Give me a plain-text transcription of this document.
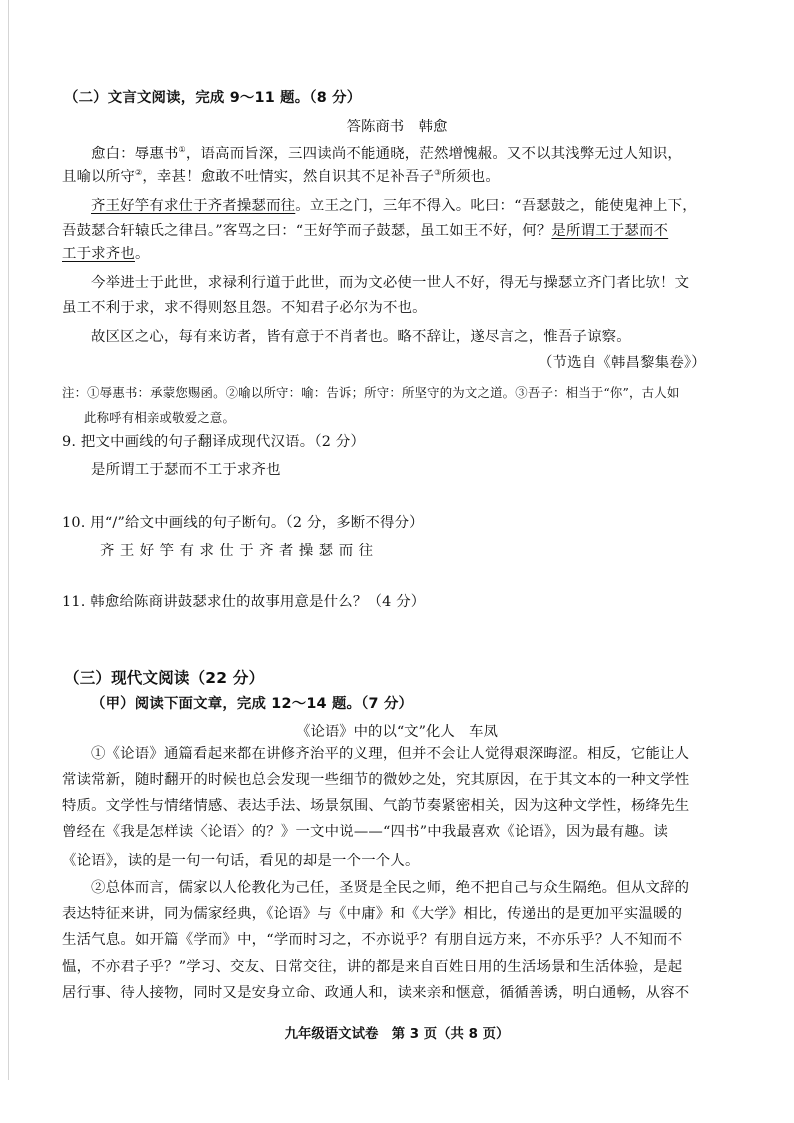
（二）文言文阅读，完成 9～11 题。（8 分）
答陈商书　韩愈
愈白：辱惠书①，语高而旨深，三四读尚不能通晓，茫然增愧赧。又不以其浅弊无过人知识，
且喻以所守②，幸甚！愈敢不吐情实，然自识其不足补吾子③所须也。
齐王好竽有求仕于齐者操瑟而往。立王之门，三年不得入。叱曰：“吾瑟鼓之，能使鬼神上下，
吾鼓瑟合轩辕氏之律吕。”客骂之曰：“王好竽而子鼓瑟，虽工如王不好，何？是所谓工于瑟而不
工于求齐也。
今举进士于此世，求禄利行道于此世，而为文必使一世人不好，得无与操瑟立齐门者比欤！文
虽工不利于求，求不得则怒且怨。不知君子必尔为不也。
故区区之心，每有来访者，皆有意于不肖者也。略不辞让，遂尽言之，惟吾子谅察。
（节选自《韩昌黎集卷》）
注：①辱惠书：承蒙您赐函。②喻以所守：喻：告诉；所守：所坚守的为文之道。③吾子：相当于“你”，古人如
此称呼有相亲或敬爱之意。
9. 把文中画线的句子翻译成现代汉语。（2 分）
是所谓工于瑟而不工于求齐也
10. 用“/”给文中画线的句子断句。（2 分，多断不得分）
齐王好竽有求仕于齐者操瑟而往
11. 韩愈给陈商讲鼓瑟求仕的故事用意是什么？（4 分）
（三）现代文阅读（22 分）
（甲）阅读下面文章，完成 12～14 题。（7 分）
《论语》中的以“文”化人　车凤
①《论语》通篇看起来都在讲修齐治平的义理，但并不会让人觉得艰深晦涩。相反，它能让人
常读常新，随时翻开的时候也总会发现一些细节的微妙之处，究其原因，在于其文本的一种文学性
特质。文学性与情绪情感、表达手法、场景氛围、气韵节奏紧密相关，因为这种文学性，杨绛先生
曾经在《我是怎样读〈论语〉的？》一文中说——“四书”中我最喜欢《论语》，因为最有趣。读
《论语》，读的是一句一句话，看见的却是一个一个人。
②总体而言，儒家以人伦教化为己任，圣贤是全民之师，绝不把自己与众生隔绝。但从文辞的
表达特征来讲，同为儒家经典，《论语》与《中庸》和《大学》相比，传递出的是更加平实温暖的
生活气息。如开篇《学而》中，“学而时习之，不亦说乎？有朋自远方来，不亦乐乎？人不知而不
愠，不亦君子乎？”学习、交友、日常交往，讲的都是来自百姓日用的生活场景和生活体验，是起
居行事、待人接物，同时又是安身立命、政通人和，读来亲和惬意，循循善诱，明白通畅，从容不
九年级语文试卷　第 3 页（共 8 页）
